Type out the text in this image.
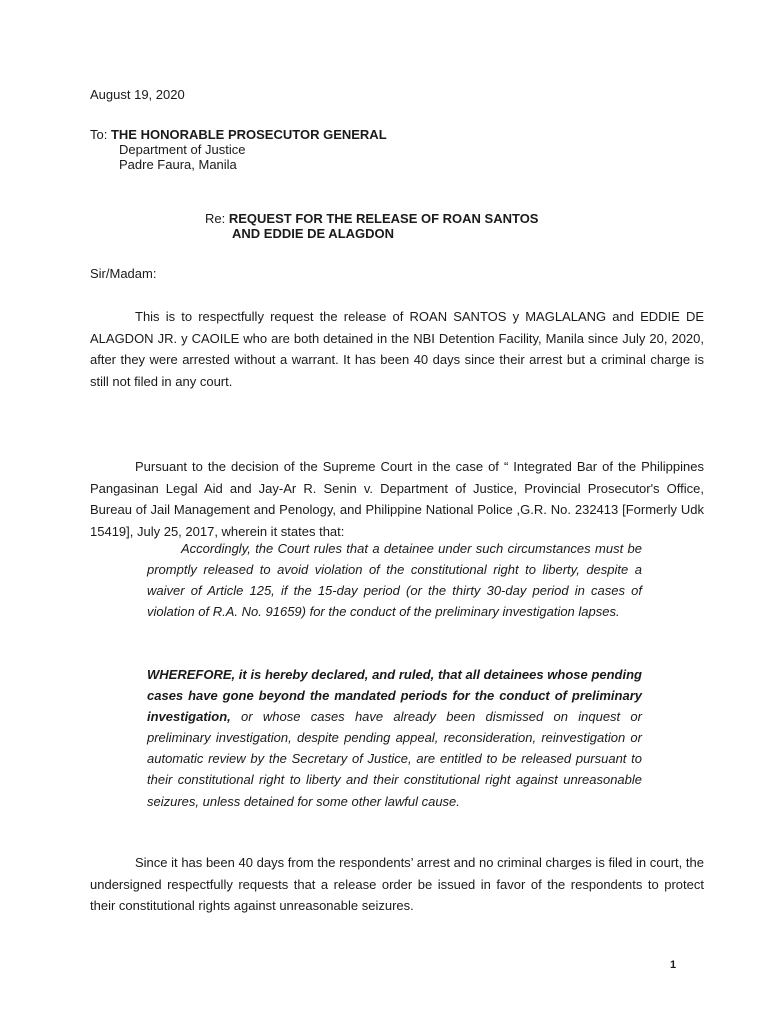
August 19, 2020
To: THE HONORABLE PROSECUTOR GENERAL
Department of Justice
Padre Faura, Manila
Re: REQUEST FOR THE RELEASE OF ROAN SANTOS
AND EDDIE DE ALAGDON
Sir/Madam:

This is to respectfully request the release of ROAN SANTOS y MAGLALANG and EDDIE DE ALAGDON JR. y CAOILE who are both detained in the NBI Detention Facility, Manila since July 20, 2020, after they were arrested without a warrant. It has been 40 days since their arrest but a criminal charge is still not filed in any court.

Pursuant to the decision of the Supreme Court in the case of “ Integrated Bar of the Philippines Pangasinan Legal Aid and Jay-Ar R. Senin v. Department of Justice, Provincial Prosecutor's Office, Bureau of Jail Management and Penology, and Philippine National Police ,G.R. No. 232413 [Formerly Udk 15419], July 25, 2017, wherein it states that:

Accordingly, the Court rules that a detainee under such circumstances must be promptly released to avoid violation of the constitutional right to liberty, despite a waiver of Article 125, if the 15-day period (or the thirty 30-day period in cases of violation of R.A. No. 91659) for the conduct of the preliminary investigation lapses.

WHEREFORE, it is hereby declared, and ruled, that all detainees whose pending cases have gone beyond the mandated periods for the conduct of preliminary investigation, or whose cases have already been dismissed on inquest or preliminary investigation, despite pending appeal, reconsideration, reinvestigation or automatic review by the Secretary of Justice, are entitled to be released pursuant to their constitutional right to liberty and their constitutional right against unreasonable seizures, unless detained for some other lawful cause.

Since it has been 40 days from the respondents’ arrest and no criminal charges is filed in court, the undersigned respectfully requests that a release order be issued in favor of the respondents to protect their constitutional rights against unreasonable seizures.

1
